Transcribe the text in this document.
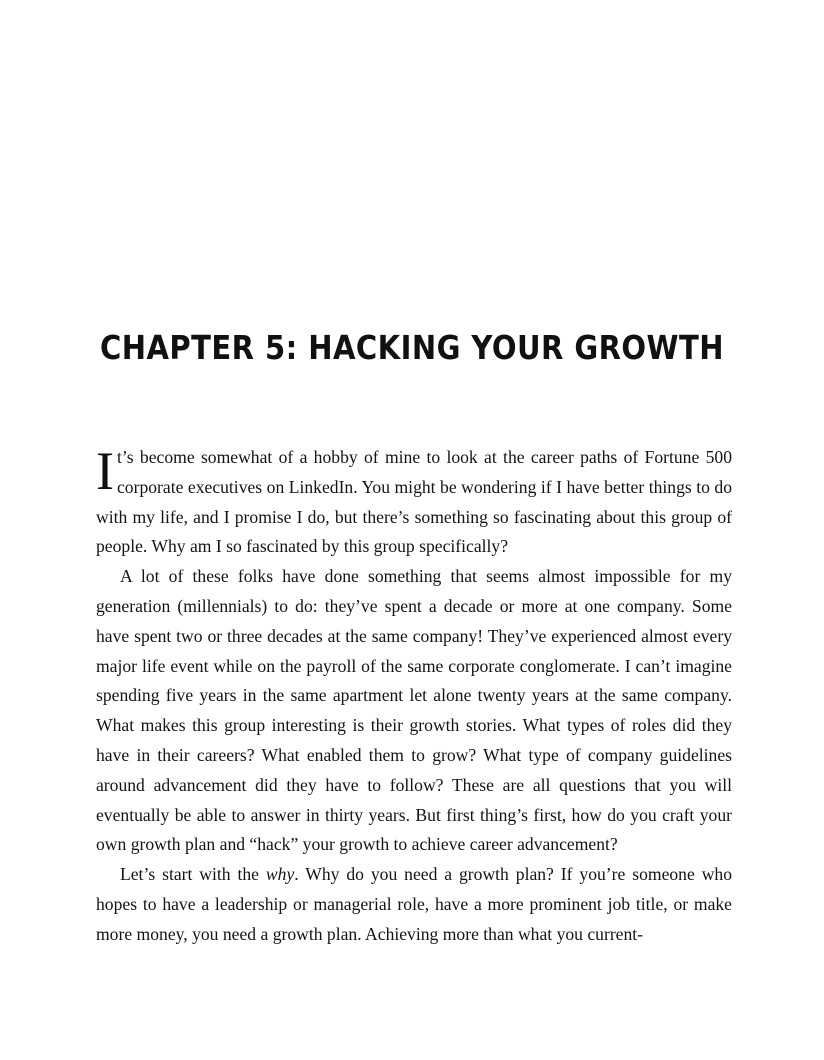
CHAPTER 5: HACKING YOUR GROWTH

It’s become somewhat of a hobby of mine to look at the career paths of Fortune 500 corporate executives on LinkedIn. You might be wondering if I have better things to do with my life, and I promise I do, but there’s something so fascinating about this group of people. Why am I so fascinated by this group specifically?

A lot of these folks have done something that seems almost impossible for my generation (millennials) to do: they’ve spent a decade or more at one company. Some have spent two or three decades at the same company! They’ve experienced almost every major life event while on the payroll of the same corporate conglomerate. I can’t imagine spending five years in the same apartment let alone twenty years at the same company. What makes this group interesting is their growth stories. What types of roles did they have in their careers? What enabled them to grow? What type of company guidelines around advancement did they have to follow? These are all questions that you will eventually be able to answer in thirty years. But first thing’s first, how do you craft your own growth plan and “hack” your growth to achieve career advancement?

Let’s start with the why. Why do you need a growth plan? If you’re someone who hopes to have a leadership or managerial role, have a more prominent job title, or make more money, you need a growth plan. Achieving more than what you current-
